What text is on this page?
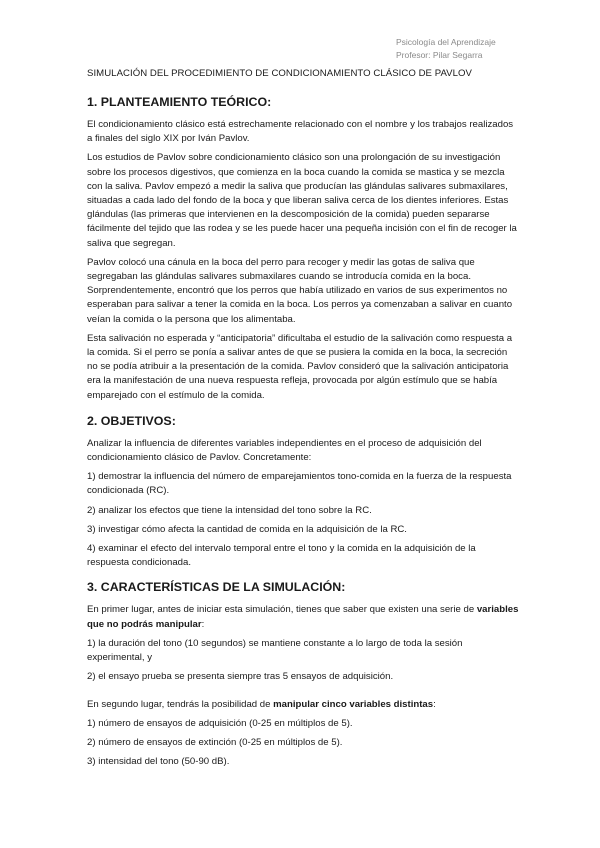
Psicología del Aprendizaje
Profesor: Pilar Segarra
SIMULACIÓN DEL PROCEDIMIENTO DE CONDICIONAMIENTO CLÁSICO DE PAVLOV
1. PLANTEAMIENTO TEÓRICO:

El condicionamiento clásico está estrechamente relacionado con el nombre y los trabajos realizados a finales del siglo XIX por Iván Pavlov.

Los estudios de Pavlov sobre condicionamiento clásico son una prolongación de su investigación sobre los procesos digestivos, que comienza en la boca cuando la comida se mastica y se mezcla con la saliva. Pavlov empezó a medir la saliva que producían las glándulas salivares submaxilares, situadas a cada lado del fondo de la boca y que liberan saliva cerca de los dientes inferiores. Estas glándulas (las primeras que intervienen en la descomposición de la comida) pueden separarse fácilmente del tejido que las rodea y se les puede hacer una pequeña incisión con el fin de recoger la saliva que segregan.

Pavlov colocó una cánula en la boca del perro para recoger y medir las gotas de saliva que segregaban las glándulas salivares submaxilares cuando se introducía comida en la boca. Sorprendentemente, encontró que los perros que había utilizado en varios de sus experimentos no esperaban para salivar a tener la comida en la boca. Los perros ya comenzaban a salivar en cuanto veían la comida o la persona que los alimentaba.

Esta salivación no esperada y “anticipatoria” dificultaba el estudio de la salivación como respuesta a la comida. Si el perro se ponía a salivar antes de que se pusiera la comida en la boca, la secreción no se podía atribuir a la presentación de la comida. Pavlov consideró que la salivación anticipatoria era la manifestación de una nueva respuesta refleja, provocada por algún estímulo que se había emparejado con el estímulo de la comida.

2. OBJETIVOS:

Analizar la influencia de diferentes variables independientes en el proceso de adquisición del condicionamiento clásico de Pavlov. Concretamente:

1) demostrar la influencia del número de emparejamientos tono-comida en la fuerza de la respuesta condicionada (RC).

2) analizar los efectos que tiene la intensidad del tono sobre la RC.

3) investigar cómo afecta la cantidad de comida en la adquisición de la RC.

4) examinar el efecto del intervalo temporal entre el tono y la comida en la adquisición de la respuesta condicionada.

3. CARACTERÍSTICAS DE LA SIMULACIÓN:

En primer lugar, antes de iniciar esta simulación, tienes que saber que existen una serie de variables que no podrás manipular:

1) la duración del tono (10 segundos) se mantiene constante a lo largo de toda la sesión experimental, y

2) el ensayo prueba se presenta siempre tras 5 ensayos de adquisición.

En segundo lugar, tendrás la posibilidad de manipular cinco variables distintas:

1) número de ensayos de adquisición (0-25 en múltiplos de 5).

2) número de ensayos de extinción (0-25 en múltiplos de 5).

3) intensidad del tono (50-90 dB).
